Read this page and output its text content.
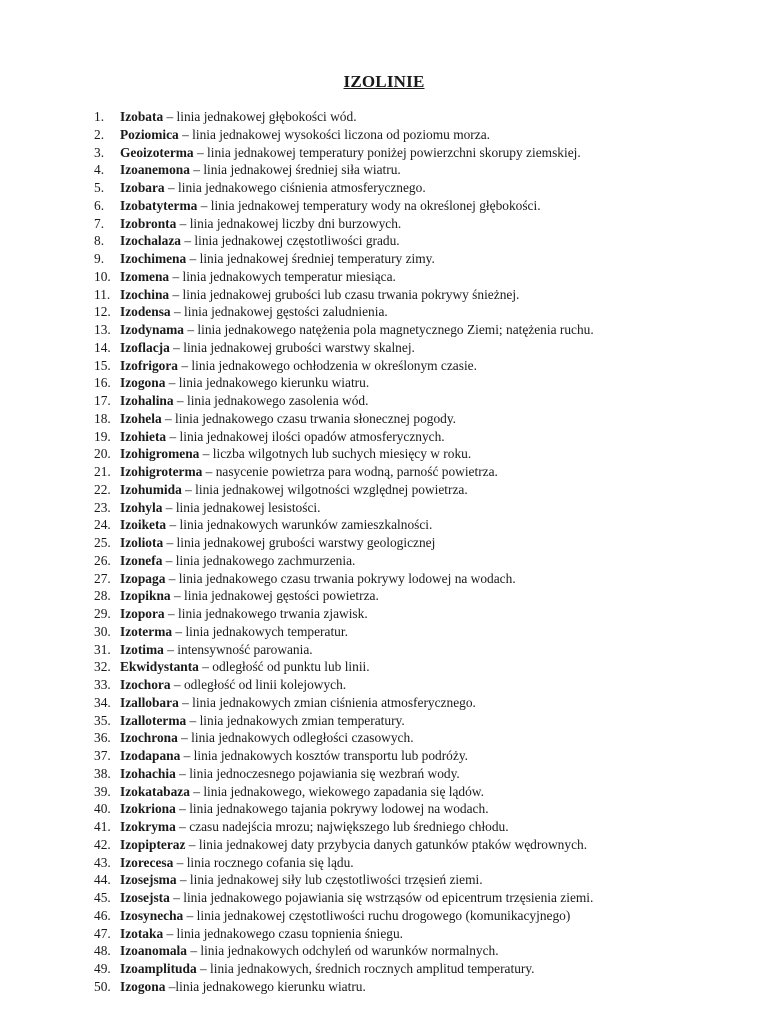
IZOLINIE
1. Izobata – linia jednakowej głębokości wód.
2. Poziomica – linia jednakowej wysokości liczona od poziomu morza.
3. Geoizoterma – linia jednakowej temperatury poniżej powierzchni skorupy ziemskiej.
4. Izoanemona – linia jednakowej średniej siła wiatru.
5. Izobara – linia jednakowego ciśnienia atmosferycznego.
6. Izobatyterma – linia jednakowej temperatury wody na określonej głębokości.
7. Izobronta – linia jednakowej liczby dni burzowych.
8. Izochalaza – linia jednakowej częstotliwości gradu.
9. Izochimena – linia jednakowej średniej temperatury zimy.
10. Izomena – linia jednakowych temperatur miesiąca.
11. Izochina – linia jednakowej grubości lub czasu trwania pokrywy śnieżnej.
12. Izodensa – linia jednakowej gęstości zaludnienia.
13. Izodynama – linia jednakowego natężenia pola magnetycznego Ziemi; natężenia ruchu.
14. Izoflacja – linia jednakowej grubości warstwy skalnej.
15. Izofrigora – linia jednakowego ochłodzenia w określonym czasie.
16. Izogona – linia jednakowego kierunku wiatru.
17. Izohalina – linia jednakowego zasolenia wód.
18. Izohela – linia jednakowego czasu trwania słonecznej pogody.
19. Izohieta – linia jednakowej ilości opadów atmosferycznych.
20. Izohigromena – liczba wilgotnych lub suchych miesięcy w roku.
21. Izohigroterma – nasycenie powietrza para wodną, parność powietrza.
22. Izohumida – linia jednakowej wilgotności względnej powietrza.
23. Izohyla – linia jednakowej lesistości.
24. Izoiketa – linia jednakowych warunków zamieszkalności.
25. Izoliota – linia jednakowej grubości warstwy geologicznej
26. Izonefa – linia jednakowego zachmurzenia.
27. Izopaga – linia jednakowego czasu trwania pokrywy lodowej na wodach.
28. Izopikna – linia jednakowej gęstości powietrza.
29. Izopora – linia jednakowego trwania zjawisk.
30. Izoterma – linia jednakowych temperatur.
31. Izotima – intensywność parowania.
32. Ekwidystanta – odległość od punktu lub linii.
33. Izochora – odległość od linii kolejowych.
34. Izallobara – linia jednakowych zmian ciśnienia atmosferycznego.
35. Izalloterma – linia jednakowych zmian temperatury.
36. Izochrona – linia jednakowych odległości czasowych.
37. Izodapana – linia jednakowych kosztów transportu lub podróży.
38. Izohachia – linia jednoczesnego pojawiania się wezbrań wody.
39. Izokatabaza – linia jednakowego, wiekowego zapadania się lądów.
40. Izokriona – linia jednakowego tajania pokrywy lodowej na wodach.
41. Izokryma – czasu nadejścia mrozu; największego lub średniego chłodu.
42. Izopipteraz – linia jednakowej daty przybycia danych gatunków ptaków wędrownych.
43. Izorecesa – linia rocznego cofania się lądu.
44. Izosejsma – linia jednakowej siły lub częstotliwości trzęsień ziemi.
45. Izosejsta – linia jednakowego pojawiania się wstrząsów od epicentrum trzęsienia ziemi.
46. Izosynecha – linia jednakowej częstotliwości ruchu drogowego (komunikacyjnego)
47. Izotaka – linia jednakowego czasu topnienia śniegu.
48. Izoanomala – linia jednakowych odchyleń od warunków normalnych.
49. Izoamplituda – linia jednakowych, średnich rocznych amplitud temperatury.
50. Izogona –linia jednakowego kierunku wiatru.
